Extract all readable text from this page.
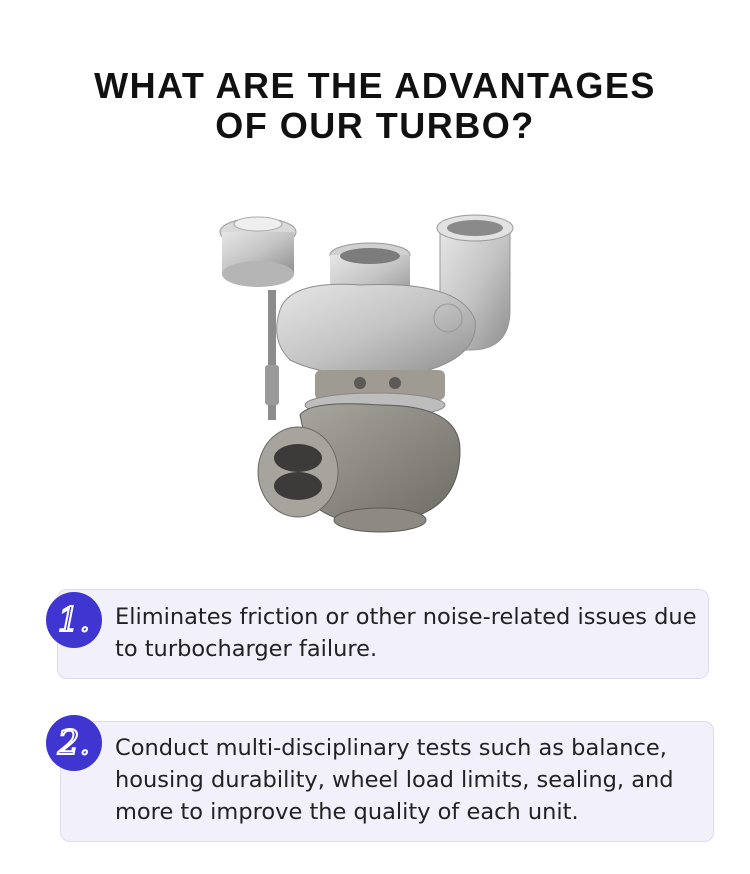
WHAT ARE THE ADVANTAGES
OF OUR TURBO?
1.	Eliminates friction or other noise-related issues due
to turbocharger failure.
2.	Conduct multi-disciplinary tests such as balance,
housing durability, wheel load limits, sealing, and
more to improve the quality of each unit.
